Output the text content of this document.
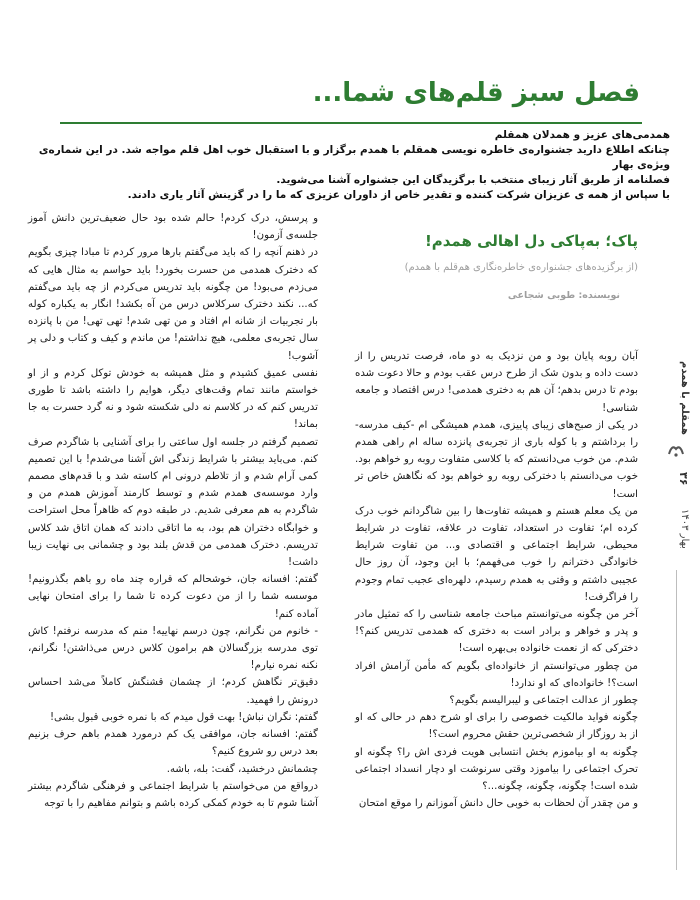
فصل سبز قلم‌های شما...

همدمی‌های عزیز و همدلان همقلم

چنانکه اطلاع دارید جشنواره‌ی خاطره نویسی همقلم با همدم برگزار و با استقبال خوب اهل قلم مواجه شد. در این شماره‌ی ویژه‌ی بهار

فصلنامه از طریق آثار زیبای منتخب با برگزیدگان این جشنواره آشنا می‌شوید.

با سپاس از همه ی عزیزان شرکت کننده و تقدیر خاص از داوران عزیزی که ما را در گزینش آثار یاری دادند.

همقلم با همدم
۳۶
بهار ۱۴۰۳
پاک؛ به‌پاکی دل اهالی همدم!
(از برگزیده‌های جشنواره‌ی خاطره‌نگاری هم‌قلم با همدم)
نویسنده: طوبی شجاعی

آبان روبه پایان بود و من نزدیک به دو ماه، فرصت تدریس را از دست داده و بدون شک از طرح درس عقب بودم و حالا دعوت شده بودم تا درس بدهم؛ آن هم به دختری همدمی! درس اقتصاد و جامعه شناسی!

در یکی از صبح‌های زیبای پاییزی، همدم همیشگی ام -کیف مدرسه- را برداشتم و با کوله باری از تجربه‌ی پانزده ساله ام راهی همدم شدم. من خوب می‌دانستم که با کلاسی متفاوت روبه رو خواهم بود. خوب می‌دانستم با دخترکی روبه رو خواهم بود که نگاهش خاص تر است!

من یک معلم هستم و همیشه تفاوت‌ها را بین شاگردانم خوب درک کرده ام؛ تفاوت در استعداد، تفاوت در علاقه، تفاوت در شرایط محیطی، شرایط اجتماعی و اقتصادی و... من تفاوت شرایط خانوادگی دخترانم را خوب می‌فهمم؛ با این وجود، آن روز حال عجیبی داشتم و وقتی به همدم رسیدم، دلهره‌ای عجیب تمام وجودم را فراگرفت!

آخر من چگونه می‌توانستم مباحث جامعه شناسی را که تمثیل مادر و پدر و خواهر و برادر است به دختری که همدمی تدریس کنم؟! دخترکی که از نعمت خانواده بی‌بهره است!

من چطور می‌توانستم از خانواده‌ای بگویم که مأمن آرامش افراد است؟! خانواده‌ای که او ندارد!

چطور از عدالت اجتماعی و لیبرالیسم بگویم؟

چگونه فواید مالکیت خصوصی را برای او شرح دهم در حالی که او از بد روزگار از شخصی‌ترین حقش محروم است؟!

چگونه به او بیاموزم بخش انتسابی هویت فردی اش را؟ چگونه او تحرک اجتماعی را بیاموزد وقتی سرنوشت او دچار انسداد اجتماعی شده است! چگونه، چگونه، چگونه...؟

و من چقدر آن لحظات به خوبی حال دانش آموزانم را موقع امتحان

و پرسش، درک کردم! حالم شده بود حال ضعیف‌ترین دانش آموز جلسه‌ی آزمون!

در ذهنم آنچه را که باید می‌گفتم بارها مرور کردم تا مبادا چیزی بگویم که دخترک همدمی من حسرت بخورد! باید حواسم به مثال هایی که می‌زدم می‌بود! من چگونه باید تدریس می‌کردم از چه باید می‌گفتم که... نکند دخترک سرکلاس درس من آه بکشد! انگار به یکباره کوله بار تجربیات از شانه ام افتاد و من تهی شدم! تهی تهی! من با پانزده سال تجربه‌ی معلمی، هیچ نداشتم! من ماندم و کیف و کتاب و دلی پر آشوب!

نفسی عمیق کشیدم و مثل همیشه به خودش توکل کردم و از او خواستم مانند تمام وقت‌های دیگر، هوایم را داشته باشد تا طوری تدریس کنم که در کلاسم نه دلی شکسته شود و نه گرد حسرت به جا بماند!

تصمیم گرفتم در جلسه اول ساعتی را برای آشنایی با شاگردم صرف کنم. می‌باید بیشتر با شرایط زندگی اش آشنا می‌شدم! با این تصمیم کمی آرام شدم و از تلاطم درونی ام کاسته شد و با قدم‌های مصمم وارد موسسه‌ی همدم شدم و توسط کارمند آموزش همدم من و شاگردم به هم معرفی شدیم. در طبقه دوم که ظاهراً محل استراحت و خوابگاه دختران هم بود، به ما اتاقی دادند که همان اتاق شد کلاس تدریسم. دخترک همدمی من قدش بلند بود و چشمانی بی نهایت زیبا داشت!

گفتم: افسانه جان، خوشحالم که قراره چند ماه رو باهم بگذرونیم! موسسه شما را از من دعوت کرده تا شما را برای امتحان نهایی آماده کنم!

- خانوم من نگرانم، چون درسم نهاییه! منم که مدرسه نرفتم! کاش توی مدرسه بزرگسالان هم برامون کلاس درس می‌ذاشتن! نگرانم، نکنه نمره نیارم!

دقیق‌تر نگاهش کردم؛ از چشمان قشنگش کاملاً می‌شد احساس درونش را فهمید.

گفتم: نگران نباش! بهت قول میدم که با نمره خوبی قبول بشی!

گفتم: افسانه جان، موافقی یک کم درمورد همدم باهم حرف بزنیم بعد درس رو شروع کنیم؟

چشمانش درخشید، گفت: بله، باشه.

درواقع من می‌خواستم با شرایط اجتماعی و فرهنگی شاگردم بیشتر آشنا شوم تا به خودم کمکی کرده باشم و بتوانم مفاهیم را با توجه
